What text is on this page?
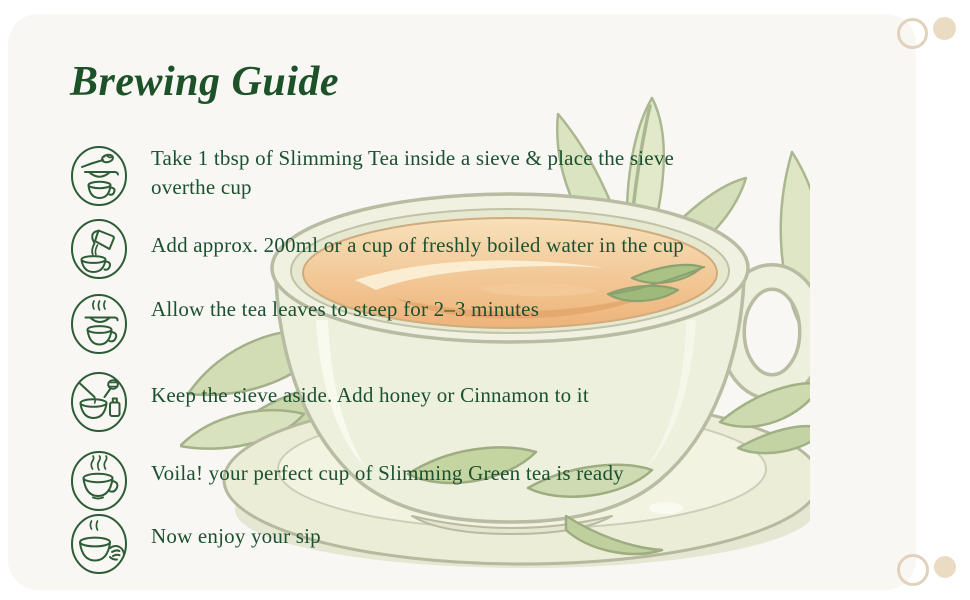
Brewing Guide
Take 1 tbsp of Slimming Tea inside a sieve & place the sieve overthe cup
Add approx. 200ml or a cup of freshly boiled water in the cup
Allow the tea leaves to steep for 2–3 minutes
Keep the sieve aside. Add honey or Cinnamon to it
Voila! your perfect cup of Slimming Green tea is ready
Now enjoy your sip
